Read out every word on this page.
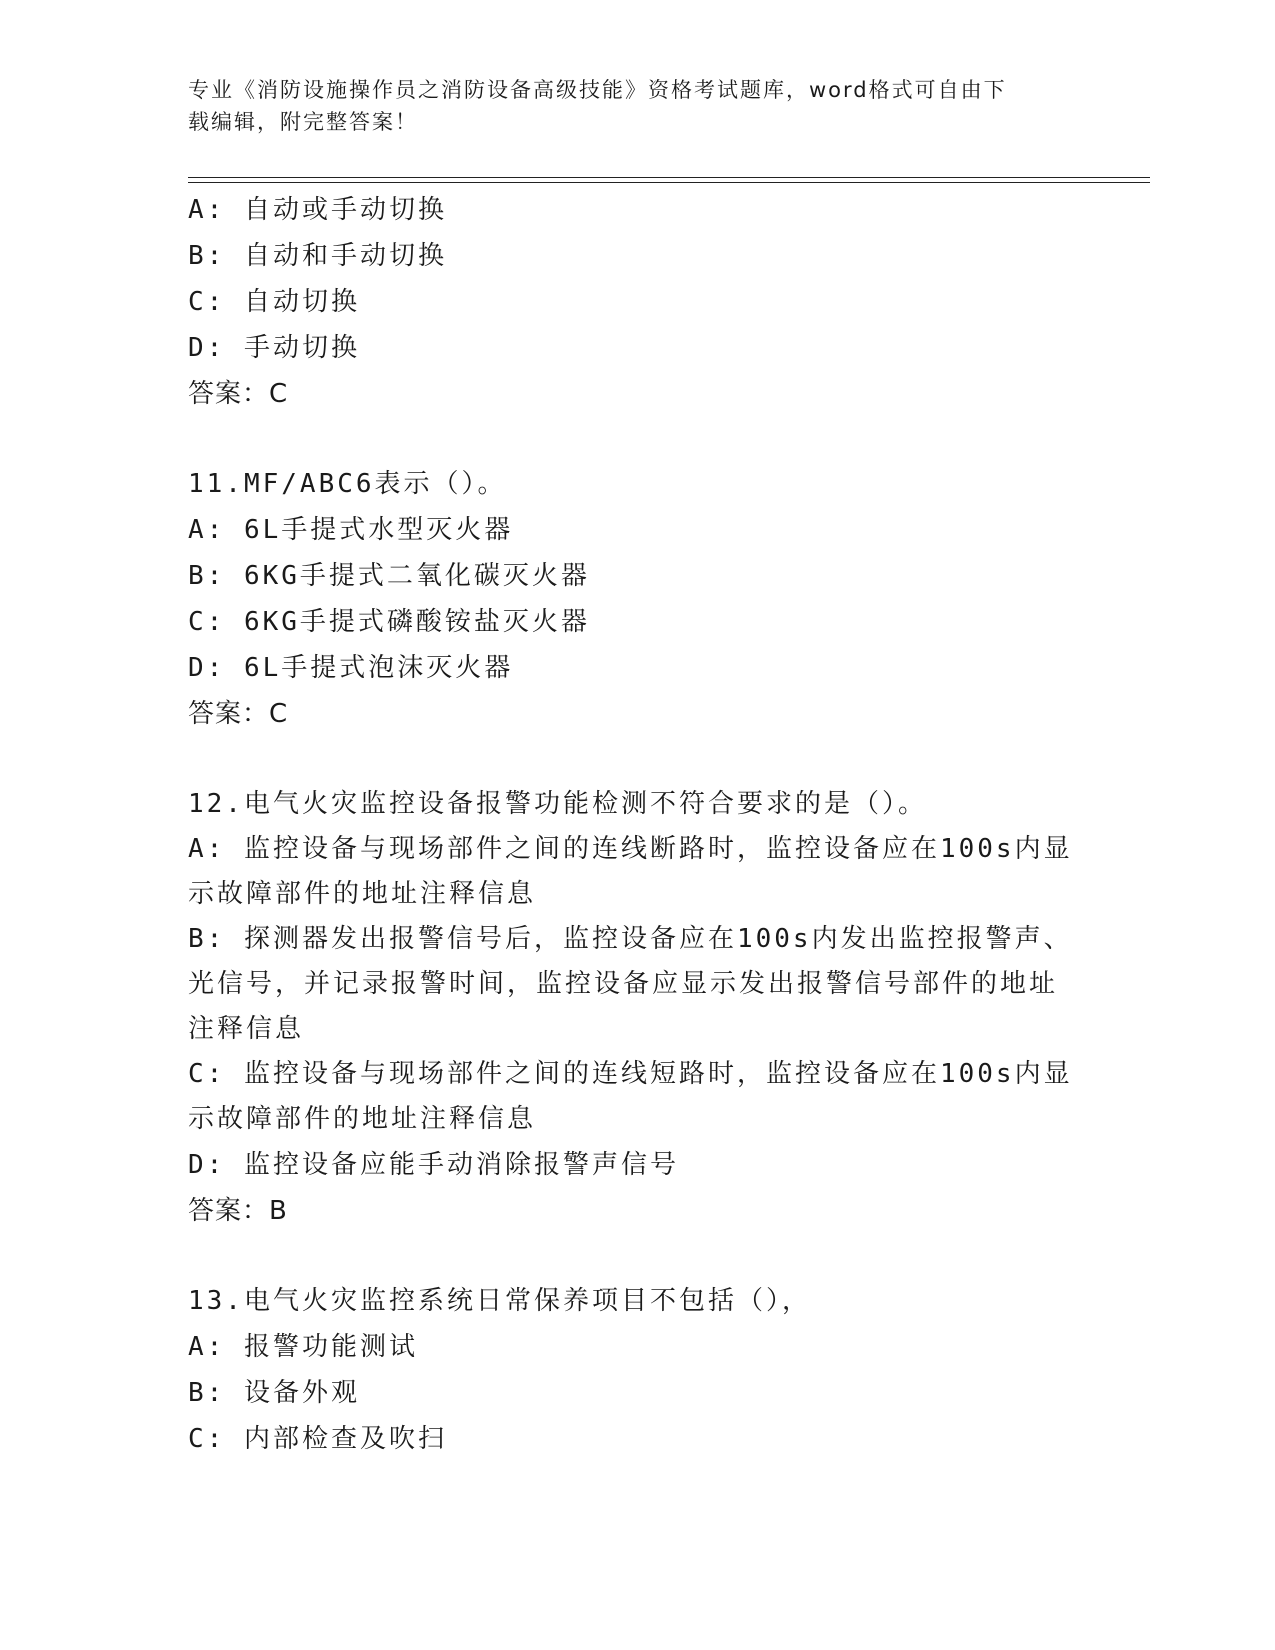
专业《消防设施操作员之消防设备高级技能》资格考试题库，word格式可自由下
载编辑，附完整答案！
A: 自动或手动切换
B: 自动和手动切换
C: 自动切换
D: 手动切换
答案：C
11.MF/ABC6表示（）。
A: 6L手提式水型灭火器
B: 6KG手提式二氧化碳灭火器
C: 6KG手提式磷酸铵盐灭火器
D: 6L手提式泡沫灭火器
答案：C
12.电气火灾监控设备报警功能检测不符合要求的是（）。
A: 监控设备与现场部件之间的连线断路时，监控设备应在100s内显
示故障部件的地址注释信息
B: 探测器发出报警信号后，监控设备应在100s内发出监控报警声、
光信号，并记录报警时间，监控设备应显示发出报警信号部件的地址
注释信息
C: 监控设备与现场部件之间的连线短路时，监控设备应在100s内显
示故障部件的地址注释信息
D: 监控设备应能手动消除报警声信号
答案：B
13.电气火灾监控系统日常保养项目不包括（），
A: 报警功能测试
B: 设备外观
C: 内部检查及吹扫
